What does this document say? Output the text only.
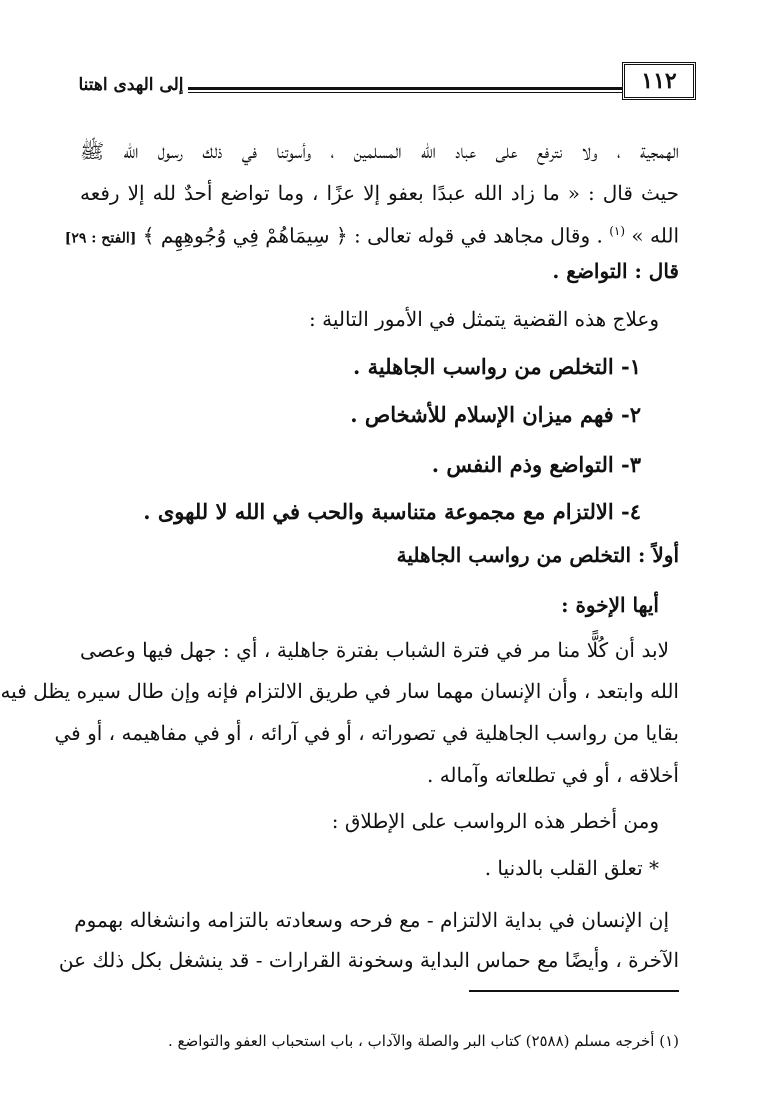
١١٢
إلى الهدى اهتنا
الهمجية ، ولا نترفع على عباد الله المسلمين ، وأسوتنا في ذلك رسول الله ﷺ
حيث قال : « ما زاد الله عبدًا بعفو إلا عزًا ، وما تواضع أحدٌ لله إلا رفعه
الله » $^{(١)}$ . وقال مجاهد في قوله تعالى : ﴿ سِيمَاهُمْ فِي وُجُوهِهِم ﴾ [الفتح : ٢٩]
قال : التواضع .
وعلاج هذه القضية يتمثل في الأمور التالية :
١- التخلص من رواسب الجاهلية .
٢- فهم ميزان الإسلام للأشخاص .
٣- التواضع وذم النفس .
٤- الالتزام مع مجموعة متناسبة والحب في الله لا للهوى .
أولاً : التخلص من رواسب الجاهلية
أيها الإخوة :
لابد أن كُلًّا منا مر في فترة الشباب بفترة جاهلية ، أي : جهل فيها وعصى
الله وابتعد ، وأن الإنسان مهما سار في طريق الالتزام فإنه وإن طال سيره يظل فيه
بقايا من رواسب الجاهلية في تصوراته ، أو في آرائه ، أو في مفاهيمه ، أو في
أخلاقه ، أو في تطلعاته وآماله .
ومن أخطر هذه الرواسب على الإطلاق :
* تعلق القلب بالدنيا .
إن الإنسان في بداية الالتزام - مع فرحه وسعادته بالتزامه وانشغاله بهموم
الآخرة ، وأيضًا مع حماس البداية وسخونة القرارات - قد ينشغل بكل ذلك عن
(١) أخرجه مسلم (٢٥٨٨) كتاب البر والصلة والآداب ، باب استحباب العفو والتواضع .
